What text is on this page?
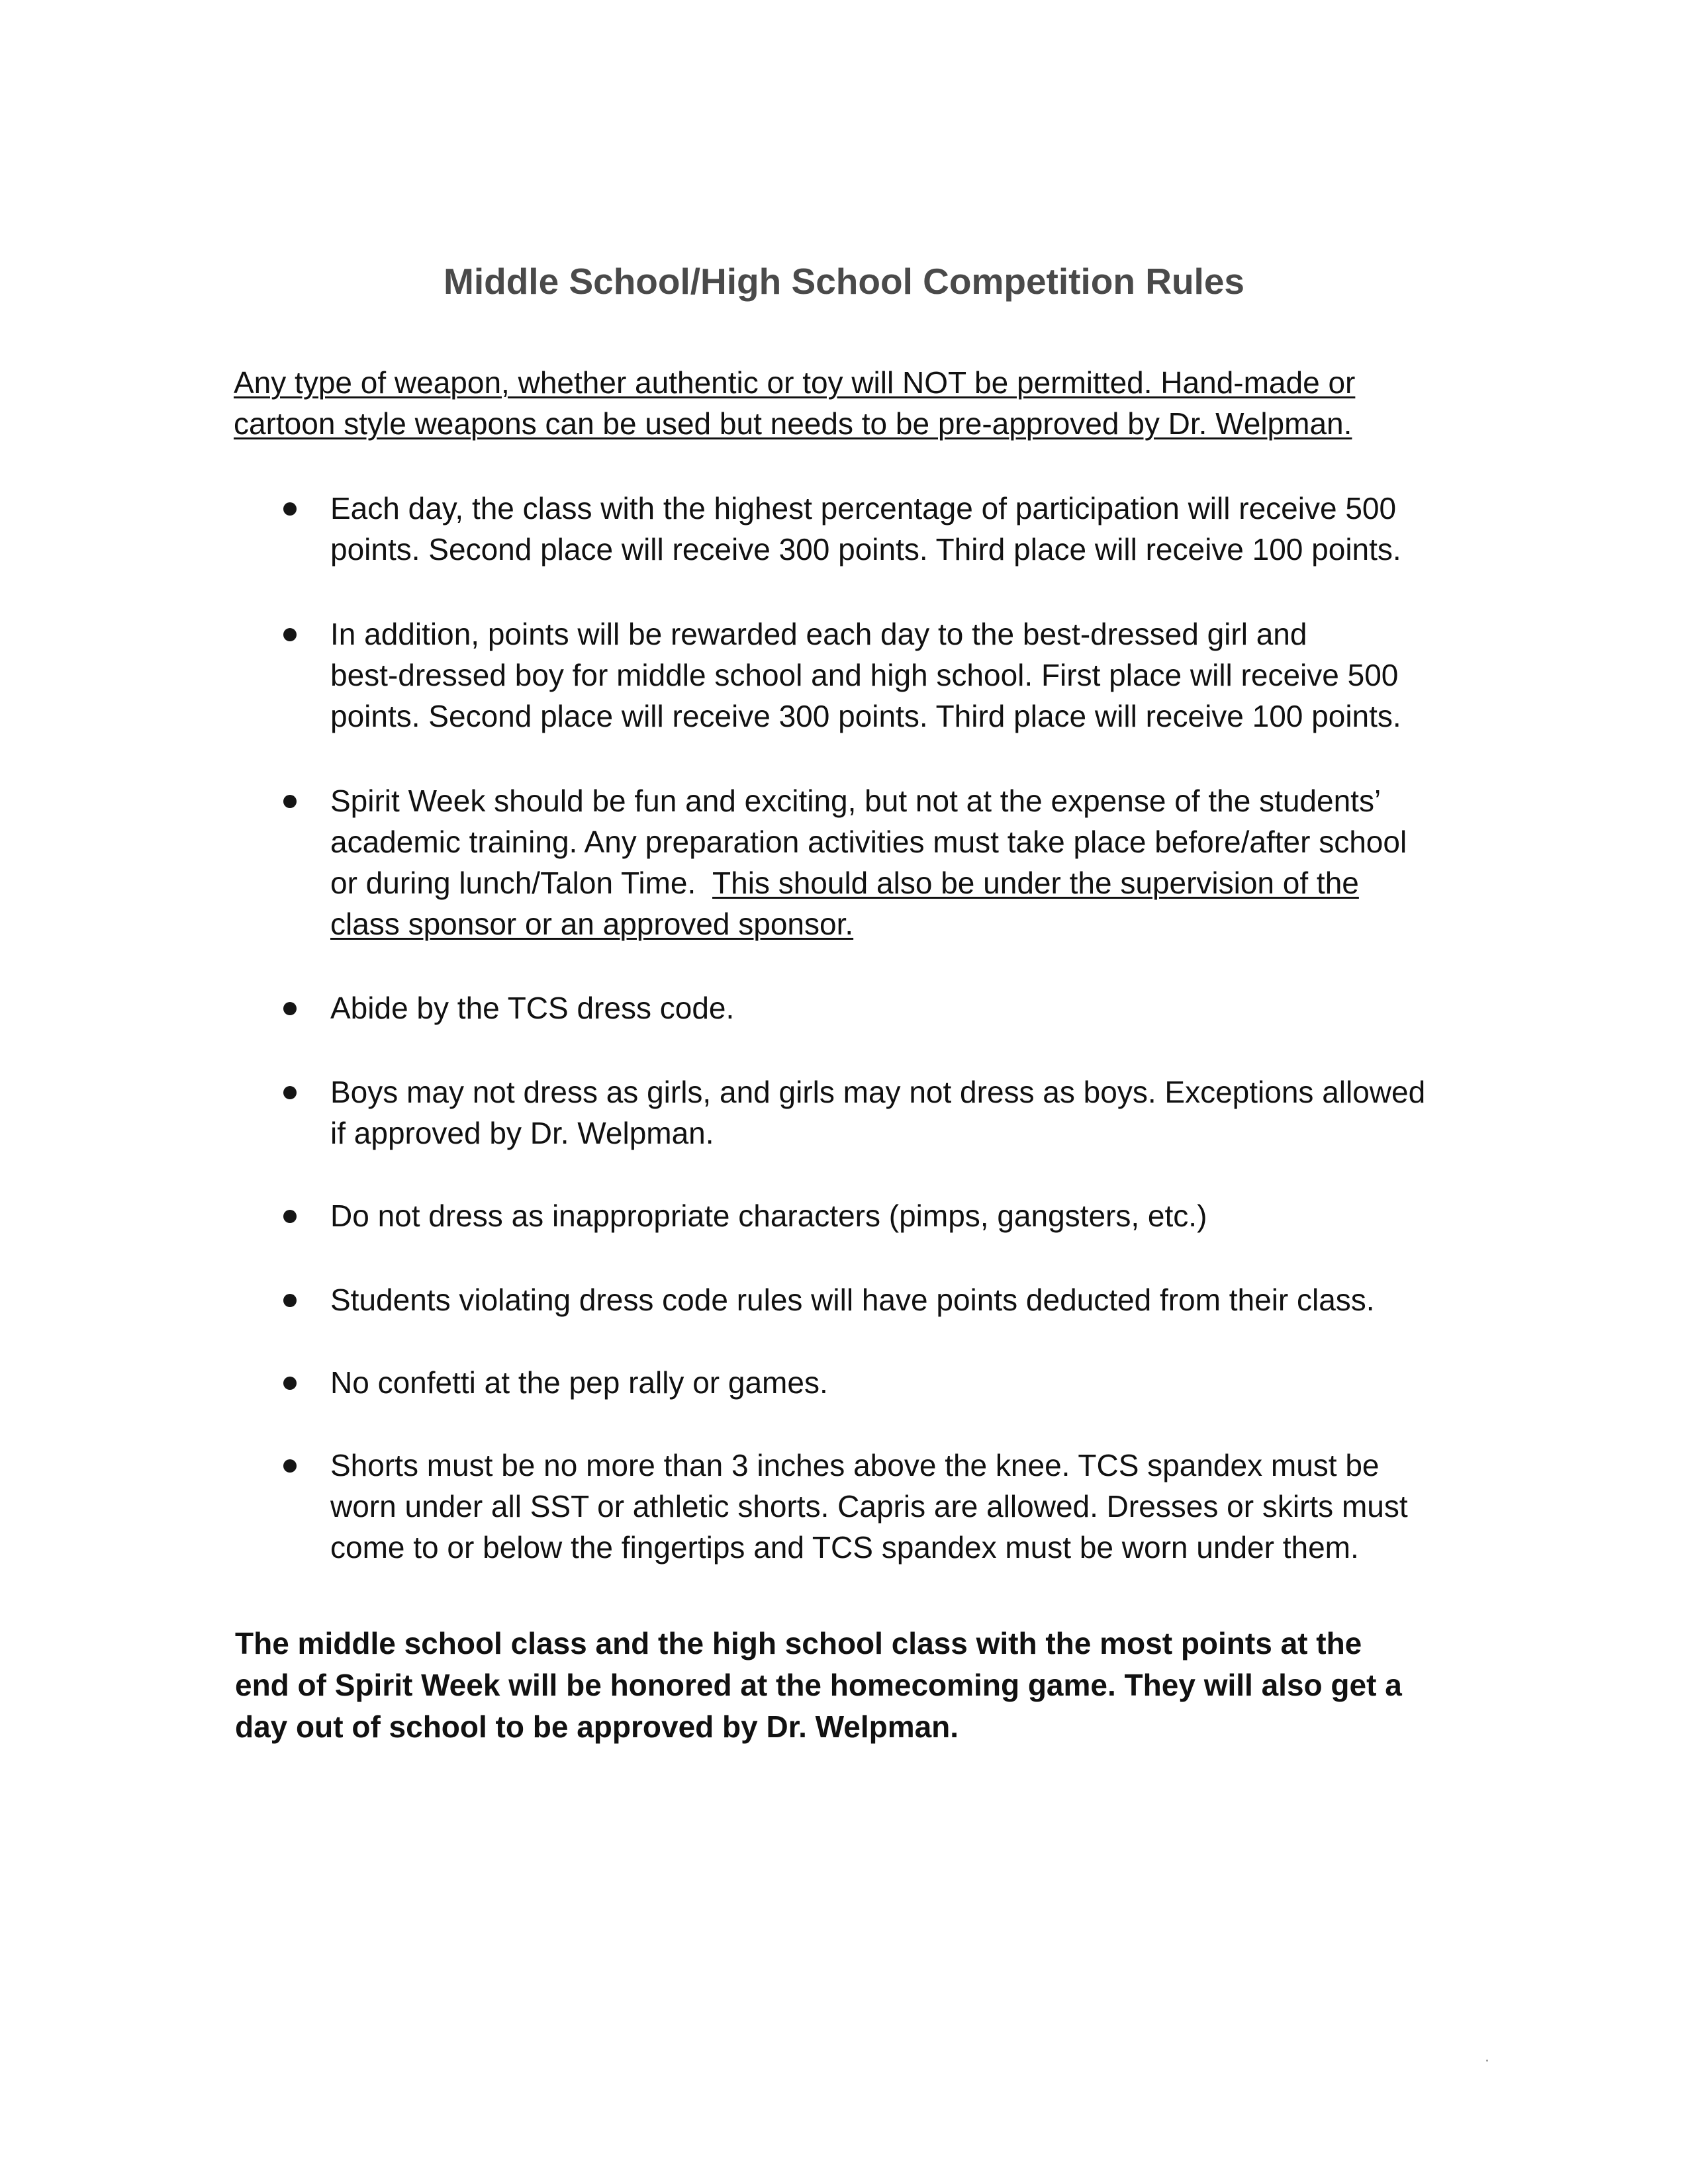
Middle School/High School Competition Rules
Any type of weapon, whether authentic or toy will NOT be permitted. Hand-made or
cartoon style weapons can be used but needs to be pre-approved by Dr. Welpman.
Each day, the class with the highest percentage of participation will receive 500
points. Second place will receive 300 points. Third place will receive 100 points.
In addition, points will be rewarded each day to the best-dressed girl and
best-dressed boy for middle school and high school. First place will receive 500
points. Second place will receive 300 points. Third place will receive 100 points.
Spirit Week should be fun and exciting, but not at the expense of the students’
academic training. Any preparation activities must take place before/after school
or during lunch/Talon Time.  This should also be under the supervision of the
class sponsor or an approved sponsor.
Abide by the TCS dress code.
Boys may not dress as girls, and girls may not dress as boys. Exceptions allowed
if approved by Dr. Welpman.
Do not dress as inappropriate characters (pimps, gangsters, etc.)
Students violating dress code rules will have points deducted from their class.
No confetti at the pep rally or games.
Shorts must be no more than 3 inches above the knee. TCS spandex must be
worn under all SST or athletic shorts. Capris are allowed. Dresses or skirts must
come to or below the fingertips and TCS spandex must be worn under them.
The middle school class and the high school class with the most points at the
end of Spirit Week will be honored at the homecoming game. They will also get a
day out of school to be approved by Dr. Welpman.
